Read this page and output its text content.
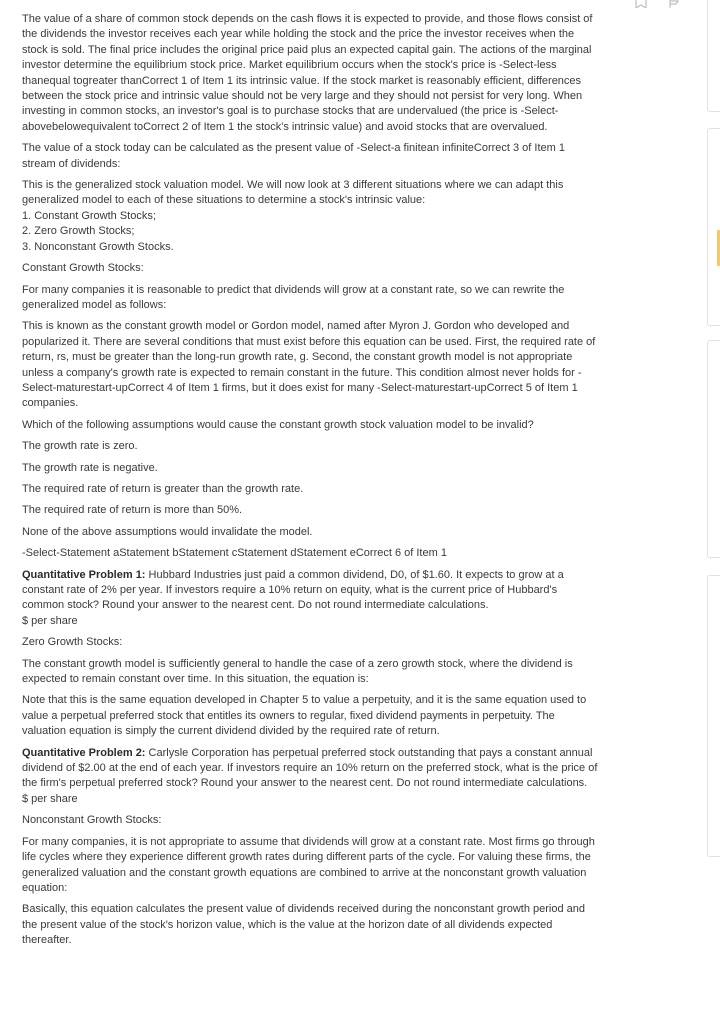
The value of a share of common stock depends on the cash flows it is expected to provide, and those flows consist of the dividends the investor receives each year while holding the stock and the price the investor receives when the stock is sold. The final price includes the original price paid plus an expected capital gain. The actions of the marginal investor determine the equilibrium stock price. Market equilibrium occurs when the stock's price is -Select-less thanequal togreater thanCorrect 1 of Item 1 its intrinsic value. If the stock market is reasonably efficient, differences between the stock price and intrinsic value should not be very large and they should not persist for very long. When investing in common stocks, an investor's goal is to purchase stocks that are undervalued (the price is -Select-abovebelowequivalent toCorrect 2 of Item 1 the stock's intrinsic value) and avoid stocks that are overvalued.

The value of a stock today can be calculated as the present value of -Select-a finitean infiniteCorrect 3 of Item 1 stream of dividends:

This is the generalized stock valuation model. We will now look at 3 different situations where we can adapt this generalized model to each of these situations to determine a stock's intrinsic value:

1. Constant Growth Stocks;
2. Zero Growth Stocks;
3. Nonconstant Growth Stocks.

Constant Growth Stocks:

For many companies it is reasonable to predict that dividends will grow at a constant rate, so we can rewrite the generalized model as follows:

This is known as the constant growth model or Gordon model, named after Myron J. Gordon who developed and popularized it. There are several conditions that must exist before this equation can be used. First, the required rate of return, rs, must be greater than the long-run growth rate, g. Second, the constant growth model is not appropriate unless a company's growth rate is expected to remain constant in the future. This condition almost never holds for -Select-maturestart-upCorrect 4 of Item 1 firms, but it does exist for many -Select-maturestart-upCorrect 5 of Item 1 companies.

Which of the following assumptions would cause the constant growth stock valuation model to be invalid?

The growth rate is zero.
The growth rate is negative.
The required rate of return is greater than the growth rate.
The required rate of return is more than 50%.
None of the above assumptions would invalidate the model.
-Select-Statement aStatement bStatement cStatement dStatement eCorrect 6 of Item 1

Quantitative Problem 1: Hubbard Industries just paid a common dividend, D0, of $1.60. It expects to grow at a constant rate of 2% per year. If investors require a 10% return on equity, what is the current price of Hubbard's common stock? Round your answer to the nearest cent. Do not round intermediate calculations.

$ per share

Zero Growth Stocks:

The constant growth model is sufficiently general to handle the case of a zero growth stock, where the dividend is expected to remain constant over time. In this situation, the equation is:

Note that this is the same equation developed in Chapter 5 to value a perpetuity, and it is the same equation used to value a perpetual preferred stock that entitles its owners to regular, fixed dividend payments in perpetuity. The valuation equation is simply the current dividend divided by the required rate of return.

Quantitative Problem 2: Carlysle Corporation has perpetual preferred stock outstanding that pays a constant annual dividend of $2.00 at the end of each year. If investors require an 10% return on the preferred stock, what is the price of the firm's perpetual preferred stock? Round your answer to the nearest cent. Do not round intermediate calculations.

$ per share

Nonconstant Growth Stocks:

For many companies, it is not appropriate to assume that dividends will grow at a constant rate. Most firms go through life cycles where they experience different growth rates during different parts of the cycle. For valuing these firms, the generalized valuation and the constant growth equations are combined to arrive at the nonconstant growth valuation equation:

Basically, this equation calculates the present value of dividends received during the nonconstant growth period and the present value of the stock's horizon value, which is the value at the horizon date of all dividends expected thereafter.
